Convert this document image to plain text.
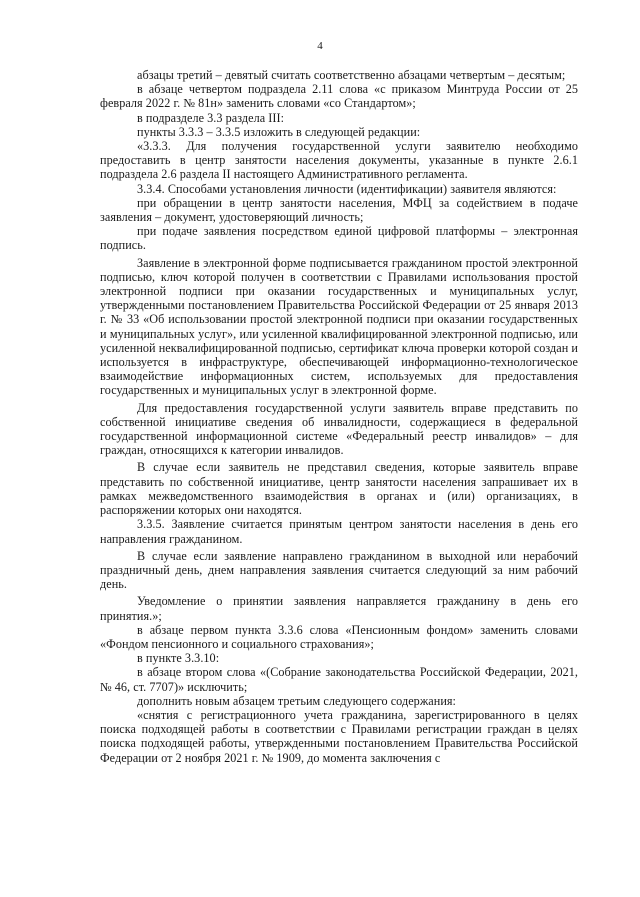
4

абзацы третий – девятый считать соответственно абзацами четвертым – десятым;

в абзаце четвертом подраздела 2.11 слова «с приказом Минтруда России от 25 февраля 2022 г. № 81н» заменить словами «со Стандартом»;

в подразделе 3.3 раздела III:

пункты 3.3.3 – 3.3.5 изложить в следующей редакции:

«3.3.3. Для получения государственной услуги заявителю необходимо предоставить в центр занятости населения документы, указанные в пункте 2.6.1 подраздела 2.6 раздела II настоящего Административного регламента.

3.3.4. Способами установления личности (идентификации) заявителя являются:

при обращении в центр занятости населения, МФЦ за содействием в подаче заявления – документ, удостоверяющий личность;

при подаче заявления посредством единой цифровой платформы – электронная подпись.

Заявление в электронной форме подписывается гражданином простой электронной подписью, ключ которой получен в соответствии с Правилами использования простой электронной подписи при оказании государственных и муниципальных услуг, утвержденными постановлением Правительства Российской Федерации от 25 января 2013 г. № 33 «Об использовании простой электронной подписи при оказании государственных и муниципальных услуг», или усиленной квалифицированной электронной подписью, или усиленной неквалифицированной подписью, сертификат ключа проверки которой создан и используется в инфраструктуре, обеспечивающей информационно-технологическое взаимодействие информационных систем, используемых для предоставления государственных и муниципальных услуг в электронной форме.

Для предоставления государственной услуги заявитель вправе представить по собственной инициативе сведения об инвалидности, содержащиеся в федеральной государственной информационной системе «Федеральный реестр инвалидов» – для граждан, относящихся к категории инвалидов.

В случае если заявитель не представил сведения, которые заявитель вправе представить по собственной инициативе, центр занятости населения запрашивает их в рамках межведомственного взаимодействия в органах и (или) организациях, в распоряжении которых они находятся.

3.3.5. Заявление считается принятым центром занятости населения в день его направления гражданином.

В случае если заявление направлено гражданином в выходной или нерабочий праздничный день, днем направления заявления считается следующий за ним рабочий день.

Уведомление о принятии заявления направляется гражданину в день его принятия.»;

в абзаце первом пункта 3.3.6 слова «Пенсионным фондом» заменить словами «Фондом пенсионного и социального страхования»;

в пункте 3.3.10:

в абзаце втором слова «(Собрание законодательства Российской Федерации, 2021, № 46, ст. 7707)» исключить;

дополнить новым абзацем третьим следующего содержания:

«снятия с регистрационного учета гражданина, зарегистрированного в целях поиска подходящей работы в соответствии с Правилами регистрации граждан в целях поиска подходящей работы, утвержденными постановлением Правительства Российской Федерации от 2 ноября 2021 г. № 1909, до момента заключения с
